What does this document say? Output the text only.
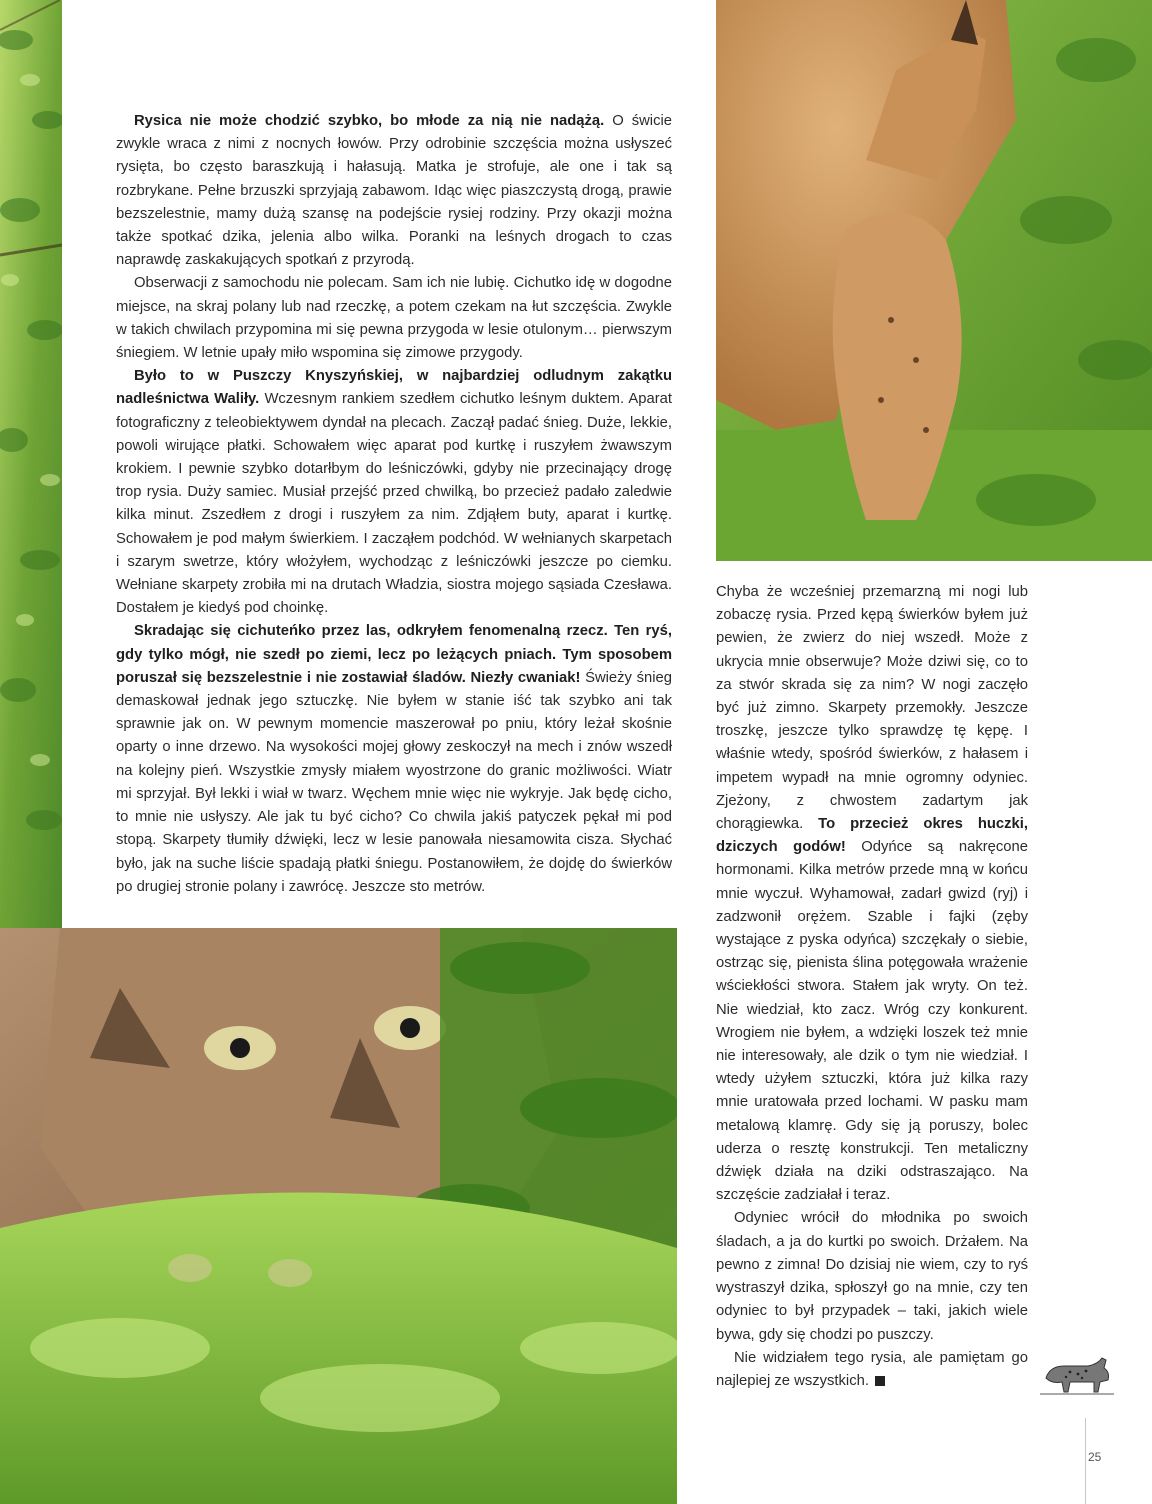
Rysica nie może chodzić szybko, bo młode za nią nie nadążą. O świcie zwykle wraca z nimi z nocnych łowów. Przy odrobinie szczęścia można usłyszeć rysięta, bo często baraszkują i hałasują. Matka je strofuje, ale one i tak są rozbrykane. Pełne brzuszki sprzyjają zabawom. Idąc więc piaszczystą drogą, prawie bezszelestnie, mamy dużą szansę na podejście rysiej rodziny. Przy okazji można także spotkać dzika, jelenia albo wilka. Poranki na leśnych drogach to czas naprawdę zaskakujących spotkań z przyrodą.

Obserwacji z samochodu nie polecam. Sam ich nie lubię. Cichutko idę w dogodne miejsce, na skraj polany lub nad rzeczkę, a potem czekam na łut szczęścia. Zwykle w takich chwilach przypomina mi się pewna przygoda w lesie otulonym… pierwszym śniegiem. W letnie upały miło wspomina się zimowe przygody.

Było to w Puszczy Knyszyńskiej, w najbardziej odludnym zakątku nadleśnictwa Waliły. Wczesnym rankiem szedłem cichutko leśnym duktem. Aparat fotograficzny z teleobiektywem dyndał na plecach. Zaczął padać śnieg. Duże, lekkie, powoli wirujące płatki. Schowałem więc aparat pod kurtkę i ruszyłem żwawszym krokiem. I pewnie szybko dotarłbym do leśniczówki, gdyby nie przecinający drogę trop rysia. Duży samiec. Musiał przejść przed chwilką, bo przecież padało zaledwie kilka minut. Zszedłem z drogi i ruszyłem za nim. Zdjąłem buty, aparat i kurtkę. Schowałem je pod małym świerkiem. I zacząłem podchód. W wełnianych skarpetach i szarym swetrze, który włożyłem, wychodząc z leśniczówki jeszcze po ciemku. Wełniane skarpety zrobiła mi na drutach Władzia, siostra mojego sąsiada Czesława. Dostałem je kiedyś pod choinkę.

Skradając się cichuteńko przez las, odkryłem fenomenalną rzecz. Ten ryś, gdy tylko mógł, nie szedł po ziemi, lecz po leżących pniach. Tym sposobem poruszał się bezszelestnie i nie zostawiał śladów. Niezły cwaniak! Świeży śnieg demaskował jednak jego sztuczkę. Nie byłem w stanie iść tak szybko ani tak sprawnie jak on. W pewnym momencie maszerował po pniu, który leżał skośnie oparty o inne drzewo. Na wysokości mojej głowy zeskoczył na mech i znów wszedł na kolejny pień. Wszystkie zmysły miałem wyostrzone do granic możliwości. Wiatr mi sprzyjał. Był lekki i wiał w twarz. Węchem mnie więc nie wykryje. Jak będę cicho, to mnie nie usłyszy. Ale jak tu być cicho? Co chwila jakiś patyczek pękał mi pod stopą. Skarpety tłumiły dźwięki, lecz w lesie panowała niesamowita cisza. Słychać było, jak na suche liście spadają płatki śniegu. Postanowiłem, że dojdę do świerków po drugiej stronie polany i zawrócę. Jeszcze sto metrów.

Chyba że wcześniej przemarzną mi nogi lub zobaczę rysia. Przed kępą świerków byłem już pewien, że zwierz do niej wszedł. Może z ukrycia mnie obserwuje? Może dziwi się, co to za stwór skrada się za nim? W nogi zaczęło być już zimno. Skarpety przemokły. Jeszcze troszkę, jeszcze tylko sprawdzę tę kępę. I właśnie wtedy, spośród świerków, z hałasem i impetem wypadł na mnie ogromny odyniec. Zjeżony, z chwostem zadartym jak chorągiewka. To przecież okres huczki, dziczych godów! Odyńce są nakręcone hormonami. Kilka metrów przede mną w końcu mnie wyczuł. Wyhamował, zadarł gwizd (ryj) i zadzwonił orężem. Szable i fajki (zęby wystające z pyska odyńca) szczękały o siebie, ostrząc się, pienista ślina potęgowała wrażenie wściekłości stwora. Stałem jak wryty. On też. Nie wiedział, kto zacz. Wróg czy konkurent. Wrogiem nie byłem, a wdzięki loszek też mnie nie interesowały, ale dzik o tym nie wiedział. I wtedy użyłem sztuczki, która już kilka razy mnie uratowała przed lochami. W pasku mam metalową klamrę. Gdy się ją poruszy, bolec uderza o resztę konstrukcji. Ten metaliczny dźwięk działa na dziki odstraszająco. Na szczęście zadziałał i teraz.

Odyniec wrócił do młodnika po swoich śladach, a ja do kurtki po swoich. Drżałem. Na pewno z zimna! Do dzisiaj nie wiem, czy to ryś wystraszył dzika, spłoszył go na mnie, czy ten odyniec to był przypadek – taki, jakich wiele bywa, gdy się chodzi po puszczy.

Nie widziałem tego rysia, ale pamiętam go najlepiej ze wszystkich.

25
